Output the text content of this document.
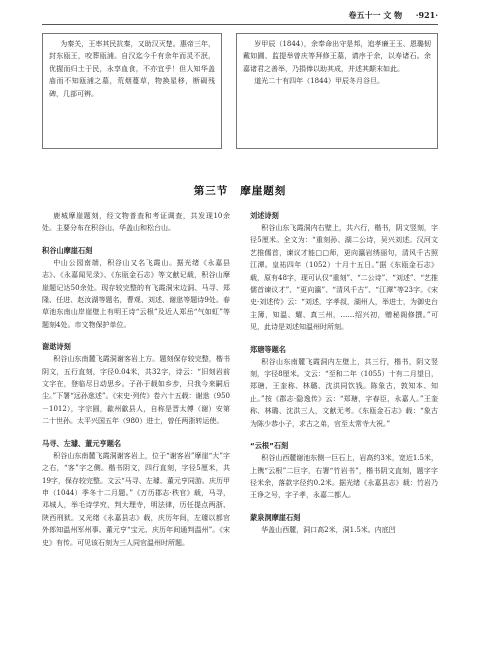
卷五十一 文 物 ·921·

为秦关，王率其民抗秦，又助汉灭楚。惠帝三年，封东瓯王，咬葬瓯浦。自汉迄今千有余年而灵不泯，优握而归土于民，永享血食，不亦宜乎！但人知华盖庙而不知瓯浦之墓，荒烟蔓草，物换星移，断碣残碑，几部可辨。

岁甲辰（1844），余奉命出守是邦，追孝廉王玉、恩璐韧戴如圃、监提举曾庆等拜修王墓，请序于余，以寿诸石。余嘉诸君之善举，乃捐俸以助其成，并述其颠末如此。

道光二十有四年（1844）甲辰冬月谷旦。

第三节 摩崖题刻

鹿城摩崖题刻，经文物普查和考证调查，共发现10余处。主要分布在积谷山、华盖山和松台山。

积谷山摩崖石刻

中山公园南端，积谷山又名飞霞山。据光绪《永嘉县志》、《永嘉闻见录》、《东瓯金石志》等文献记载，积谷山摩崖题记达50余处。现存较完整的有飞霞洞宋边洞、马寻、郑隆、任进、赵汝湖等题名，曹观、刘述、谢逖等题诗9处。春草池东南山岸崖壁上有明王诗“云根”及近人郑岳“气如虹”等题刻4处。市文物保护单位。

谢逖诗刻

积谷山东南麓飞霞洞谢客岩上方。题刻保存较完整，楷书阴文，五行直刻，字径0.04米，共32字，诗云：“旧刻岩前文字在，登临尽日动思乡。子孙于载如乡步，只我今来嗣后尘。”下署“远孙逖述”。《宋史·列传》卷六十五载：谢逖（950－1012），字宗圆，歙州歙县人，自称是晋太傅（谢）安第二十世孙。太平兴国五年（980）进士，曾任两浙转运使。

马寻、左璩、董元亨题名

积谷山东南麓飞霞洞谢客岩上，位于“谢客岩”摩崖“大”字之右，“客”字之侧。楷书阴文，四行直刻，字径5厘米，共19字，保存较完整。文云“马寻、左璩、董元亨同游。庆历甲申（1044）季冬十二月题。”《万历郡志·秩官》载，马寻，邓城人，举毛诗学究，判大理寺，明法律，历任提点两浙、陕西刑狱。又光绪《永嘉县志》载，庆历年间，左璩以都官外郎知温州军州事。董元亨“宝元、庆历年间通判温州”。《宋史》有传。可见该石刻为三人同官温州时所题。

刘述诗刻

积谷山东飞霞洞内右壁上，共六行，楷书，阴文竖刻，字径5厘米。全文为：“重刻孙、湖二公诗，吴兴刘述。汉河文艺推儒首，谏议才能□□师，更向瀛岩绣丽句，清风千古照江潭。皇祐四年（1052）十月十五日。”据《东瓯金石志》载，原有48字，现可认仅“重刻”、“二公诗”、“刘述”、“艺推儒首谏议才”、“更向瀛”、“清风千古”、“江潭”等23字。《宋史·刘述传》云：“刘述，字孝叔，湖州人，举进士，为御史台主簿，知温、耀、真三州，……绍兴初，赠秘阁修撰。”可见，此诗是刘述知温州时所刻。

郑瑭等题名

积谷山东南麓飞霞洞内左壁上，共三行，楷书，阴文竖刻，字径8厘米。文云：“至和二年（1055）十有二月望日，郑瑭、王奎称、林璐、沈洪同饮钱。陈象古，敦知本、知止。”按《郡志·隐逸传》云：“郑瑭，字春臣，永嘉人。”王奎称、林璐、沈洪三人，文献无考。《东瓯金石志》载：“象古为陈少恭小子，求古之弟，官至太常寺大祝。”

“云根”石刻

积谷山西麓谢池东侧一巨石上，岩高约3米，宽近1.5米，上镌“云根”二巨字，右署“竹岩书”，楷书阴文直刻，题字字径米余，落款字径约0.2米。据光绪《永嘉县志》载：竹岩乃王诤之号，字子孝，永嘉二都人。

蒙泉洞摩崖石刻

华盖山西麓，洞口高2米，洞1.5米。内底凹
